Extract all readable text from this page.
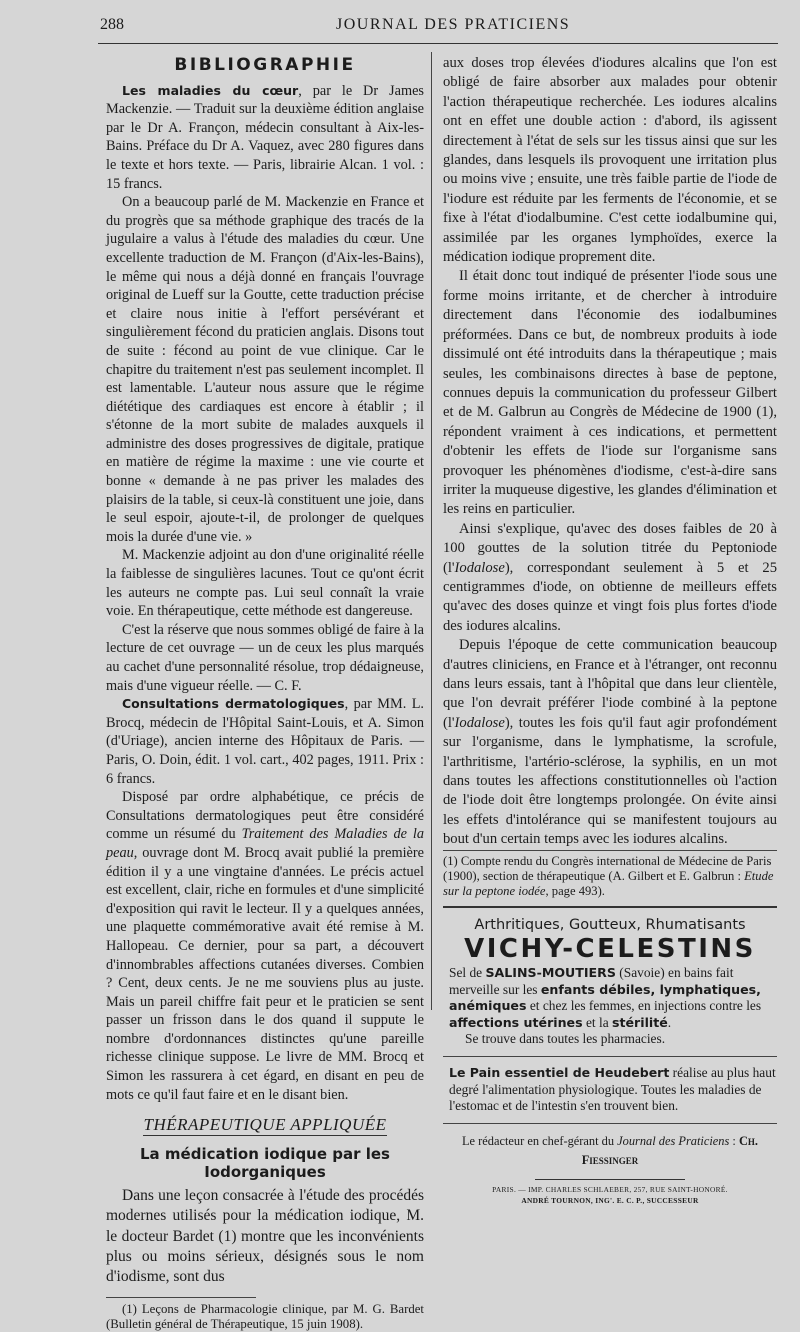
288	JOURNAL DES PRATICIENS
BIBLIOGRAPHIE

Les maladies du cœur, par le Dr James Mackenzie. — Traduit sur la deuxième édition anglaise par le Dr A. Françon, médecin consultant à Aix-les-Bains. Préface du Dr A. Vaquez, avec 280 figures dans le texte et hors texte. — Paris, librairie Alcan. 1 vol. : 15 francs.

On a beaucoup parlé de M. Mackenzie en France et du progrès que sa méthode graphique des tracés de la jugulaire a valus à l'étude des maladies du cœur. Une excellente traduction de M. Françon (d'Aix-les-Bains), le même qui nous a déjà donné en français l'ouvrage original de Lueff sur la Goutte, cette traduction précise et claire nous initie à l'effort persévérant et singulièrement fécond du praticien anglais. Disons tout de suite : fécond au point de vue clinique. Car le chapitre du traitement n'est pas seulement incomplet. Il est lamentable. L'auteur nous assure que le régime diététique des cardiaques est encore à établir ; il s'étonne de la mort subite de malades auxquels il administre des doses progressives de digitale, pratique en matière de régime la maxime : une vie courte et bonne « demande à ne pas priver les malades des plaisirs de la table, si ceux-là constituent une joie, dans le seul espoir, ajoute-t-il, de prolonger de quelques mois la durée d'une vie. »

M. Mackenzie adjoint au don d'une originalité réelle la faiblesse de singulières lacunes. Tout ce qu'ont écrit les auteurs ne compte pas. Lui seul connaît la vraie voie. En thérapeutique, cette méthode est dangereuse.

C'est la réserve que nous sommes obligé de faire à la lecture de cet ouvrage — un de ceux les plus marqués au cachet d'une personnalité résolue, trop dédaigneuse, mais d'une vigueur réelle. — C. F.

Consultations dermatologiques, par MM. L. Brocq, médecin de l'Hôpital Saint-Louis, et A. Simon (d'Uriage), ancien interne des Hôpitaux de Paris. — Paris, O. Doin, édit. 1 vol. cart., 402 pages, 1911. Prix : 6 francs.

Disposé par ordre alphabétique, ce précis de Consultations dermatologiques peut être considéré comme un résumé du Traitement des Maladies de la peau, ouvrage dont M. Brocq avait publié la première édition il y a une vingtaine d'années. Le précis actuel est excellent, clair, riche en formules et d'une simplicité d'exposition qui ravit le lecteur. Il y a quelques années, une plaquette commémorative avait été remise à M. Hallopeau. Ce dernier, pour sa part, a découvert d'innombrables affections cutanées diverses. Combien ? Cent, deux cents. Je ne me souviens plus au juste. Mais un pareil chiffre fait peur et le praticien se sent passer un frisson dans le dos quand il suppute le nombre d'ordonnances distinctes qu'une pareille richesse clinique suppose. Le livre de MM. Brocq et Simon les rassurera à cet égard, en disant en peu de mots ce qu'il faut faire et en le disant bien.

THÉRAPEUTIQUE APPLIQUÉE
La médication iodique par les Iodorganiques

Dans une leçon consacrée à l'étude des procédés modernes utilisés pour la médication iodique, M. le docteur Bardet (1) montre que les inconvénients plus ou moins sérieux, désignés sous le nom d'iodisme, sont dus

(1) Leçons de Pharmacologie clinique, par M. G. Bardet (Bulletin général de Thérapeutique, 15 juin 1908).

aux doses trop élevées d'iodures alcalins que l'on est obligé de faire absorber aux malades pour obtenir l'action thérapeutique recherchée. Les iodures alcalins ont en effet une double action : d'abord, ils agissent directement à l'état de sels sur les tissus ainsi que sur les glandes, dans lesquels ils provoquent une irritation plus ou moins vive ; ensuite, une très faible partie de l'iode de l'iodure est réduite par les ferments de l'économie, et se fixe à l'état d'iodalbumine. C'est cette iodalbumine qui, assimilée par les organes lymphoïdes, exerce la médication iodique proprement dite.

Il était donc tout indiqué de présenter l'iode sous une forme moins irritante, et de chercher à introduire directement dans l'économie des iodalbumines préformées. Dans ce but, de nombreux produits à iode dissimulé ont été introduits dans la thérapeutique ; mais seules, les combinaisons directes à base de peptone, connues depuis la communication du professeur Gilbert et de M. Galbrun au Congrès de Médecine de 1900 (1), répondent vraiment à ces indications, et permettent d'obtenir les effets de l'iode sur l'organisme sans provoquer les phénomènes d'iodisme, c'est-à-dire sans irriter la muqueuse digestive, les glandes d'élimination et les reins en particulier.

Ainsi s'explique, qu'avec des doses faibles de 20 à 100 gouttes de la solution titrée du Peptoniode (l'Iodalose), correspondant seulement à 5 et 25 centigrammes d'iode, on obtienne de meilleurs effets qu'avec des doses quinze et vingt fois plus fortes d'iode des iodures alcalins.

Depuis l'époque de cette communication beaucoup d'autres cliniciens, en France et à l'étranger, ont reconnu dans leurs essais, tant à l'hôpital que dans leur clientèle, que l'on devrait préférer l'iode combiné à la peptone (l'Iodalose), toutes les fois qu'il faut agir profondément sur l'organisme, dans le lymphatisme, la scrofule, l'arthritisme, l'artério-sclérose, la syphilis, en un mot dans toutes les affections constitutionnelles où l'action de l'iode doit être longtemps prolongée. On évite ainsi les effets d'intolérance qui se manifestent toujours au bout d'un certain temps avec les iodures alcalins.

(1) Compte rendu du Congrès international de Médecine de Paris (1900), section de thérapeutique (A. Gilbert et E. Galbrun : Etude sur la peptone iodée, page 493).

Arthritiques, Goutteux, Rhumatisants
VICHY-CELESTINS
Sel de SALINS-MOUTIERS (Savoie) en bains fait merveille sur les enfants débiles, lymphatiques, anémiques et chez les femmes, en injections contre les affections utérines et la stérilité.
Se trouve dans toutes les pharmacies.
Le Pain essentiel de Heudebert réalise au plus haut degré l'alimentation physiologique. Toutes les maladies de l'estomac et de l'intestin s'en trouvent bien.
Le rédacteur en chef-gérant du Journal des Praticiens : Ch. Fiessinger
PARIS. — IMP. CHARLES SCHLAEBER, 257, RUE SAINT-HONORÉ.
ANDRÉ TOURNON, ING'. E. C. P., SUCCESSEUR
